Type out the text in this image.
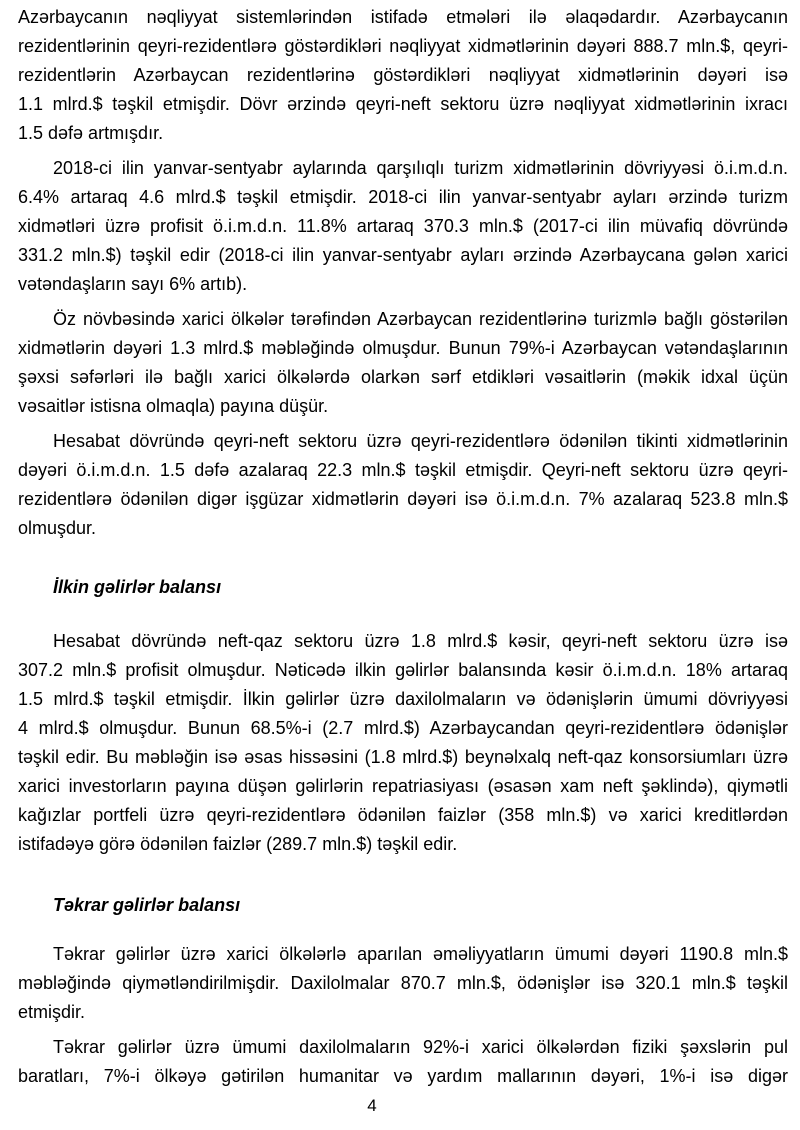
Azərbaycanın nəqliyyat sistemlərindən istifadə etmələri ilə əlaqədardır. Azərbaycanın
rezidentlərinin qeyri-rezidentlərə göstərdikləri nəqliyyat xidmətlərinin dəyəri 888.7 mln.$, qeyri-
rezidentlərin Azərbaycan rezidentlərinə göstərdikləri nəqliyyat xidmətlərinin dəyəri isə
1.1 mlrd.$ təşkil etmişdir. Dövr ərzində qeyri-neft sektoru üzrə nəqliyyat xidmətlərinin ixracı
1.5 dəfə artmışdır.
2018-ci ilin yanvar-sentyabr aylarında qarşılıqlı turizm xidmətlərinin dövriyyəsi ö.i.m.d.n.
6.4% artaraq 4.6 mlrd.$ təşkil etmişdir. 2018-ci ilin yanvar-sentyabr ayları ərzində turizm
xidmətləri üzrə profisit ö.i.m.d.n. 11.8% artaraq 370.3 mln.$ (2017-ci ilin müvafiq dövründə
331.2 mln.$) təşkil edir (2018-ci ilin yanvar-sentyabr ayları ərzində Azərbaycana gələn xarici
vətəndaşların sayı 6% artıb).
Öz növbəsində xarici ölkələr tərəfindən Azərbaycan rezidentlərinə turizmlə bağlı göstərilən
xidmətlərin dəyəri 1.3 mlrd.$ məbləğində olmuşdur. Bunun 79%-i Azərbaycan vətəndaşlarının
şəxsi səfərləri ilə bağlı xarici ölkələrdə olarkən sərf etdikləri vəsaitlərin (məkik idxal üçün
vəsaitlər istisna olmaqla) payına düşür.
Hesabat dövründə qeyri-neft sektoru üzrə qeyri-rezidentlərə ödənilən tikinti xidmətlərinin
dəyəri ö.i.m.d.n. 1.5 dəfə azalaraq 22.3 mln.$ təşkil etmişdir. Qeyri-neft sektoru üzrə qeyri-
rezidentlərə ödənilən digər işgüzar xidmətlərin dəyəri isə ö.i.m.d.n. 7% azalaraq 523.8 mln.$
olmuşdur.
İlkin gəlirlər balansı
Hesabat dövründə neft-qaz sektoru üzrə 1.8 mlrd.$ kəsir, qeyri-neft sektoru üzrə isə
307.2 mln.$ profisit olmuşdur. Nəticədə ilkin gəlirlər balansında kəsir ö.i.m.d.n. 18% artaraq
1.5 mlrd.$ təşkil etmişdir. İlkin gəlirlər üzrə daxilolmaların və ödənişlərin ümumi dövriyyəsi
4 mlrd.$ olmuşdur. Bunun 68.5%-i (2.7 mlrd.$) Azərbaycandan qeyri-rezidentlərə ödənişlər
təşkil edir. Bu məbləğin isə əsas hissəsini (1.8 mlrd.$) beynəlxalq neft-qaz konsorsiumları üzrə
xarici investorların payına düşən gəlirlərin repatriasiyası (əsasən xam neft şəklində), qiymətli
kağızlar portfeli üzrə qeyri-rezidentlərə ödənilən faizlər (358 mln.$) və xarici kreditlərdən
istifadəyə görə ödənilən faizlər (289.7 mln.$) təşkil edir.
Təkrar gəlirlər balansı
Təkrar gəlirlər üzrə xarici ölkələrlə aparılan əməliyyatların ümumi dəyəri 1190.8 mln.$
məbləğində qiymətləndirilmişdir. Daxilolmalar 870.7 mln.$, ödənişlər isə 320.1 mln.$ təşkil
etmişdir.
Təkrar gəlirlər üzrə ümumi daxilolmaların 92%-i xarici ölkələrdən fiziki şəxslərin pul
baratları, 7%-i ölkəyə gətirilən humanitar və yardım mallarının dəyəri, 1%-i isə digər
4
